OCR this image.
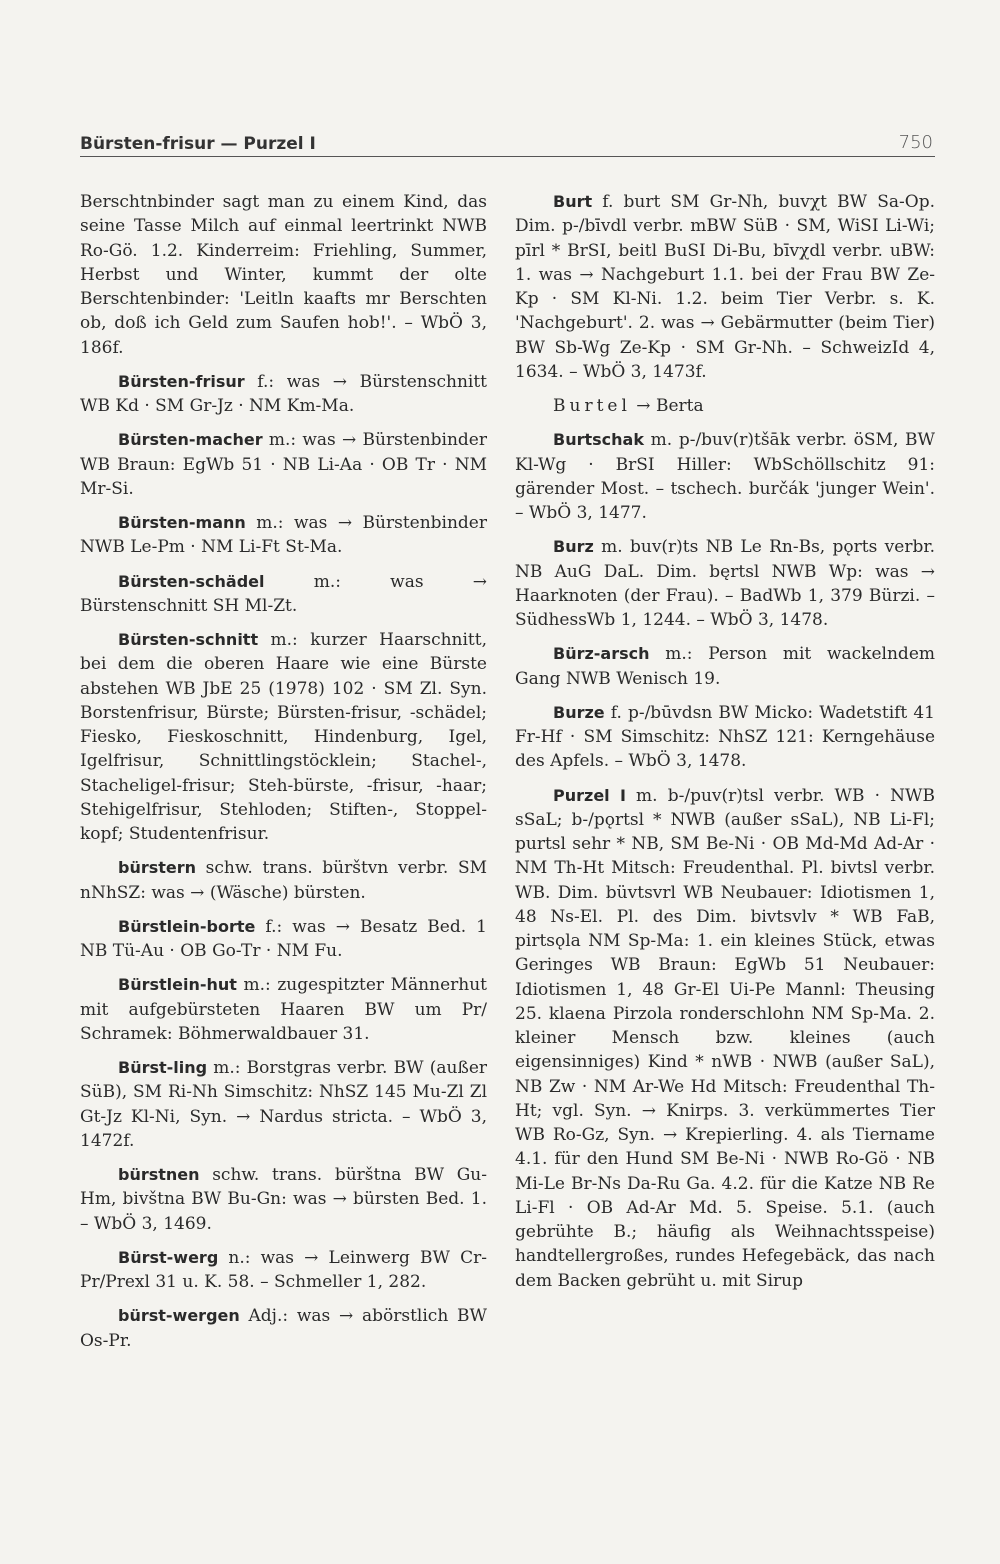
Bürsten-frisur — Purzel I	750

Berschtnbinder sagt man zu einem Kind, das seine Tasse Milch auf einmal leertrinkt NWB Ro-Gö. 1.2. Kinderreim: Friehling, Summer, Herbst und Winter, kummt der olte Berschtenbinder: 'Leitln kaafts mr Berschten ob, doß ich Geld zum Saufen hob!'. – WbÖ 3, 186f.

Bürsten-frisur f.: was → Bürstenschnitt WB Kd · SM Gr-Jz · NM Km-Ma.

Bürsten-macher m.: was → Bürstenbinder WB Braun: EgWb 51 · NB Li-Aa · OB Tr · NM Mr-Si.

Bürsten-mann m.: was → Bürstenbinder NWB Le-Pm · NM Li-Ft St-Ma.

Bürsten-schädel m.: was → Bürstenschnitt SH Ml-Zt.

Bürsten-schnitt m.: kurzer Haarschnitt, bei dem die oberen Haare wie eine Bürste abstehen WB JbE 25 (1978) 102 · SM Zl. Syn. Borstenfrisur, Bürste; Bürsten-frisur, -schädel; Fiesko, Fieskoschnitt, Hindenburg, Igel, Igelfrisur, Schnittlingstöcklein; Stachel-, Stacheligel-frisur; Steh-bürste, -frisur, -haar; Stehigelfrisur, Stehloden; Stiften-, Stoppel-kopf; Studentenfrisur.

bürstern schw. trans. bürštvn verbr. SM nNhSZ: was → (Wäsche) bürsten.

Bürstlein-borte f.: was → Besatz Bed. 1 NB Tü-Au · OB Go-Tr · NM Fu.

Bürstlein-hut m.: zugespitzter Männerhut mit aufgebürsteten Haaren BW um Pr/ Schramek: Böhmerwaldbauer 31.

Bürst-ling m.: Borstgras verbr. BW (außer SüB), SM Ri-Nh Simschitz: NhSZ 145 Mu-Zl Zl Gt-Jz Kl-Ni, Syn. → Nardus stricta. – WbÖ 3, 1472f.

bürstnen schw. trans. bürštna BW Gu-Hm, bivštna BW Bu-Gn: was → bürsten Bed. 1. – WbÖ 3, 1469.

Bürst-werg n.: was → Leinwerg BW Cr-Pr/Prexl 31 u. K. 58. – Schmeller 1, 282.

bürst-wergen Adj.: was → abörstlich BW Os-Pr.

Burt f. burt SM Gr-Nh, buvχt BW Sa-Op. Dim. p-/bīvdl verbr. mBW SüB · SM, WiSI Li-Wi; pīrl * BrSI, beitl BuSI Di-Bu, bīvχdl verbr. uBW: 1. was → Nachgeburt 1.1. bei der Frau BW Ze-Kp · SM Kl-Ni. 1.2. beim Tier Verbr. s. K. 'Nachgeburt'. 2. was → Gebärmutter (beim Tier) BW Sb-Wg Ze-Kp · SM Gr-Nh. – SchweizId 4, 1634. – WbÖ 3, 1473f.

Burtel → Berta

Burtschak m. p-/buv(r)tšāk verbr. öSM, BW Kl-Wg · BrSI Hiller: WbSchöllschitz 91: gärender Most. – tschech. burčák 'junger Wein'. – WbÖ 3, 1477.

Burz m. buv(r)ts NB Le Rn-Bs, pǫrts verbr. NB AuG DaL. Dim. bęrtsl NWB Wp: was → Haarknoten (der Frau). – BadWb 1, 379 Bürzi. – SüdhessWb 1, 1244. – WbÖ 3, 1478.

Bürz-arsch m.: Person mit wackelndem Gang NWB Wenisch 19.

Burze f. p-/būvdsn BW Micko: Wadetstift 41 Fr-Hf · SM Simschitz: NhSZ 121: Kerngehäuse des Apfels. – WbÖ 3, 1478.

Purzel I m. b-/puv(r)tsl verbr. WB · NWB sSaL; b-/pǫrtsl * NWB (außer sSaL), NB Li-Fl; purtsl sehr * NB, SM Be-Ni · OB Md-Md Ad-Ar · NM Th-Ht Mitsch: Freudenthal. Pl. bivtsl verbr. WB. Dim. büvtsvrl WB Neubauer: Idiotismen 1, 48 Ns-El. Pl. des Dim. bivtsvlv * WB FaB, pirtsǫla NM Sp-Ma: 1. ein kleines Stück, etwas Geringes WB Braun: EgWb 51 Neubauer: Idiotismen 1, 48 Gr-El Ui-Pe Mannl: Theusing 25. klaena Pirzola ronderschlohn NM Sp-Ma. 2. kleiner Mensch bzw. kleines (auch eigensinniges) Kind * nWB · NWB (außer SaL), NB Zw · NM Ar-We Hd Mitsch: Freudenthal Th-Ht; vgl. Syn. → Knirps. 3. verkümmertes Tier WB Ro-Gz, Syn. → Krepierling. 4. als Tiername 4.1. für den Hund SM Be-Ni · NWB Ro-Gö · NB Mi-Le Br-Ns Da-Ru Ga. 4.2. für die Katze NB Re Li-Fl · OB Ad-Ar Md. 5. Speise. 5.1. (auch gebrühte B.; häufig als Weihnachtsspeise) handtellergroßes, rundes Hefegebäck, das nach dem Backen gebrüht u. mit Sirup
